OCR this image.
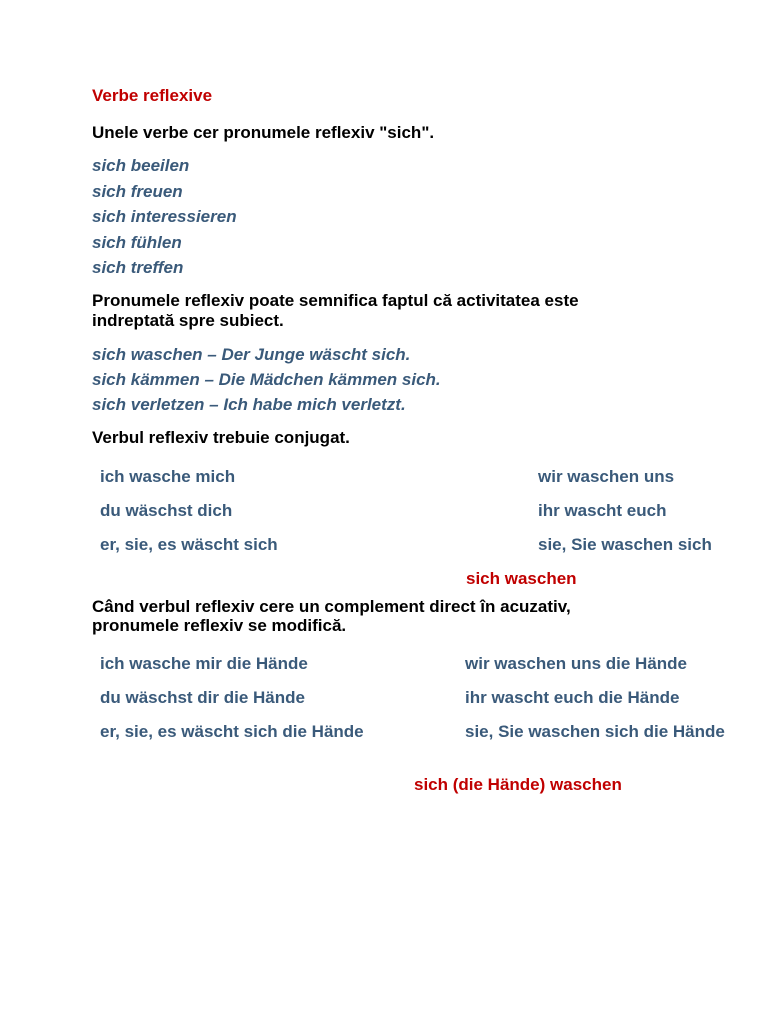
Verbe reflexive
Unele verbe cer pronumele reflexiv "sich".
sich beeilen
sich freuen
sich interessieren
sich fühlen
sich treffen
Pronumele reflexiv poate semnifica faptul că activitatea este
indreptată spre subiect.
sich waschen – Der Junge wäscht sich.
sich kämmen – Die Mädchen kämmen sich.
sich verletzen – Ich habe mich verletzt.
Verbul reflexiv trebuie conjugat.
ich wasche mich
du wäschst dich
er, sie, es wäscht sich
wir waschen uns
ihr wascht euch
sie, Sie waschen sich
sich waschen
Când verbul reflexiv cere un complement direct în acuzativ,
pronumele reflexiv se modifică.
ich wasche mir die Hände
du wäschst dir die Hände
er, sie, es wäscht sich die Hände
wir waschen uns die Hände
ihr wascht euch die Hände
sie, Sie waschen sich die Hände
sich (die Hände) waschen
